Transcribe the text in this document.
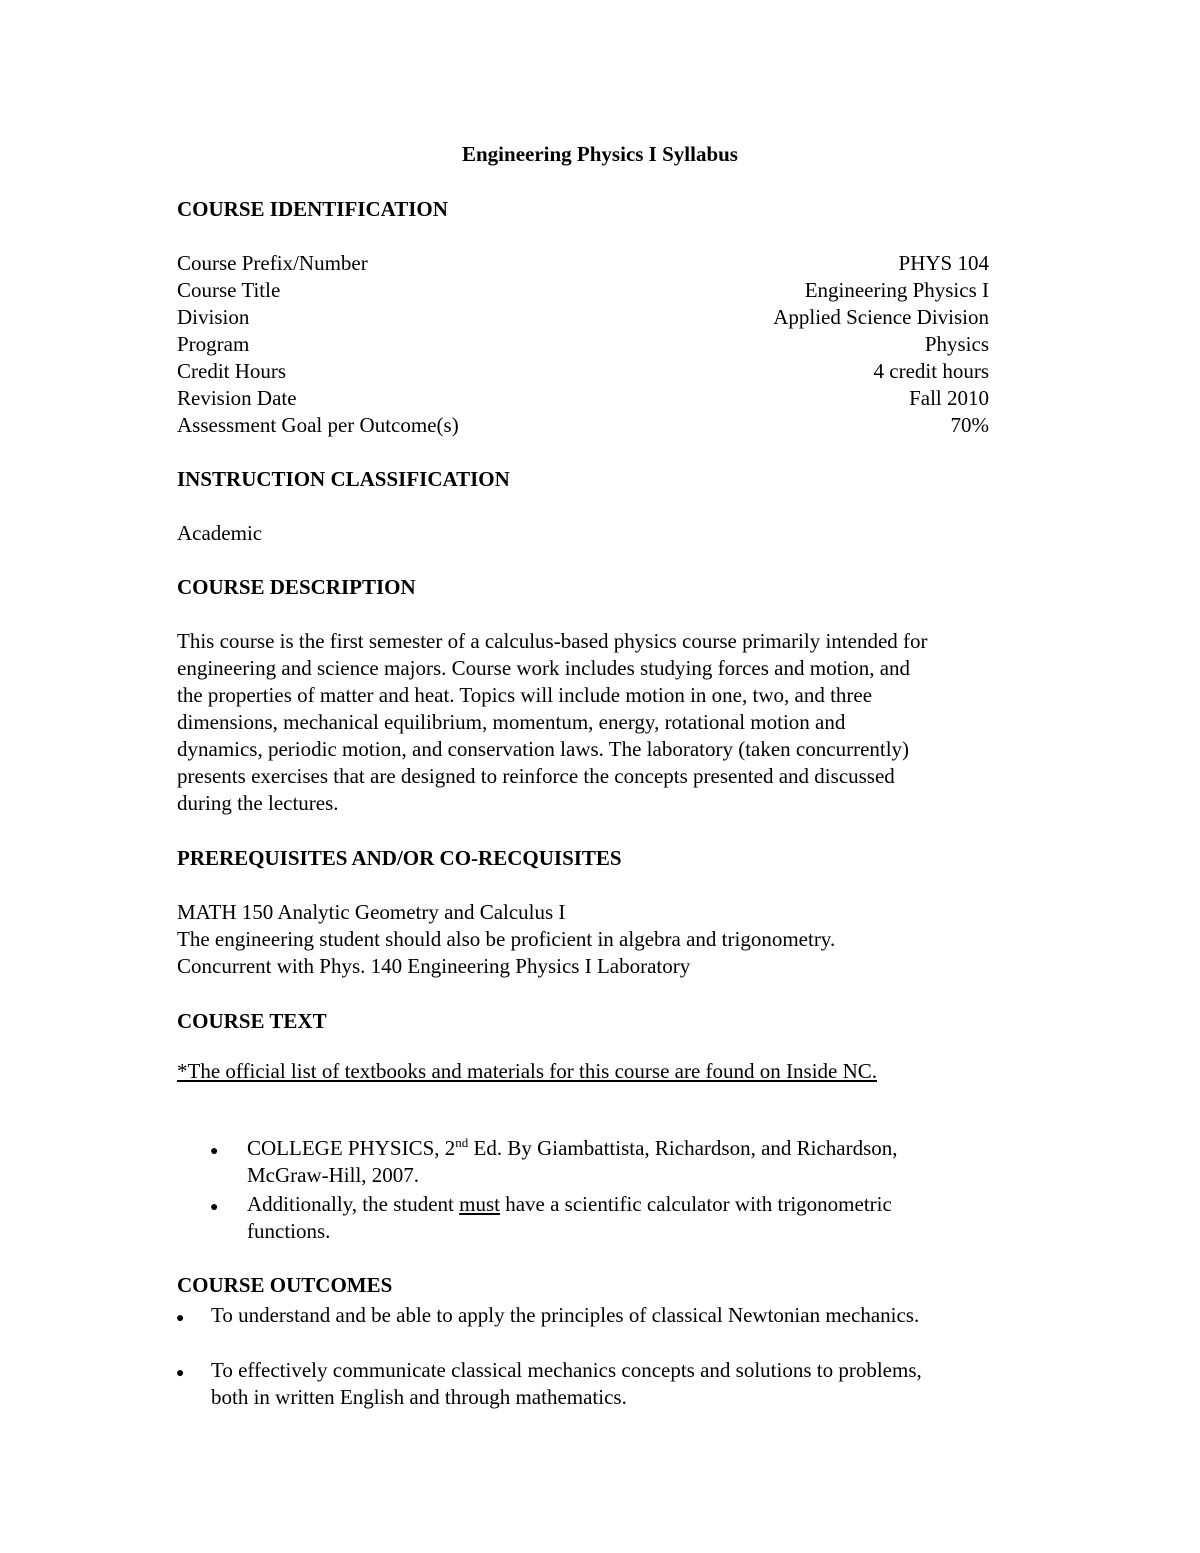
Engineering Physics I Syllabus
COURSE IDENTIFICATION
Course Prefix/Number	PHYS 104
Course Title	Engineering Physics I
Division	Applied Science Division
Program	Physics
Credit Hours	4 credit hours
Revision Date	Fall 2010
Assessment Goal per Outcome(s)	70%
INSTRUCTION CLASSIFICATION
Academic
COURSE DESCRIPTION
This course is the first semester of a calculus-based physics course primarily intended for
engineering and science majors. Course work includes studying forces and motion, and
the properties of matter and heat. Topics will include motion in one, two, and three
dimensions, mechanical equilibrium, momentum, energy, rotational motion and
dynamics, periodic motion, and conservation laws. The laboratory (taken concurrently)
presents exercises that are designed to reinforce the concepts presented and discussed
during the lectures.
PREREQUISITES AND/OR CO-RECQUISITES
MATH 150 Analytic Geometry and Calculus I
The engineering student should also be proficient in algebra and trigonometry.
Concurrent with Phys. 140 Engineering Physics I Laboratory
COURSE TEXT
*The official list of textbooks and materials for this course are found on Inside NC.
● COLLEGE PHYSICS, 2nd Ed. By Giambattista, Richardson, and Richardson,
McGraw-Hill, 2007.
● Additionally, the student must have a scientific calculator with trigonometric
functions.
COURSE OUTCOMES
● To understand and be able to apply the principles of classical Newtonian mechanics.
● To effectively communicate classical mechanics concepts and solutions to problems,
both in written English and through mathematics.
